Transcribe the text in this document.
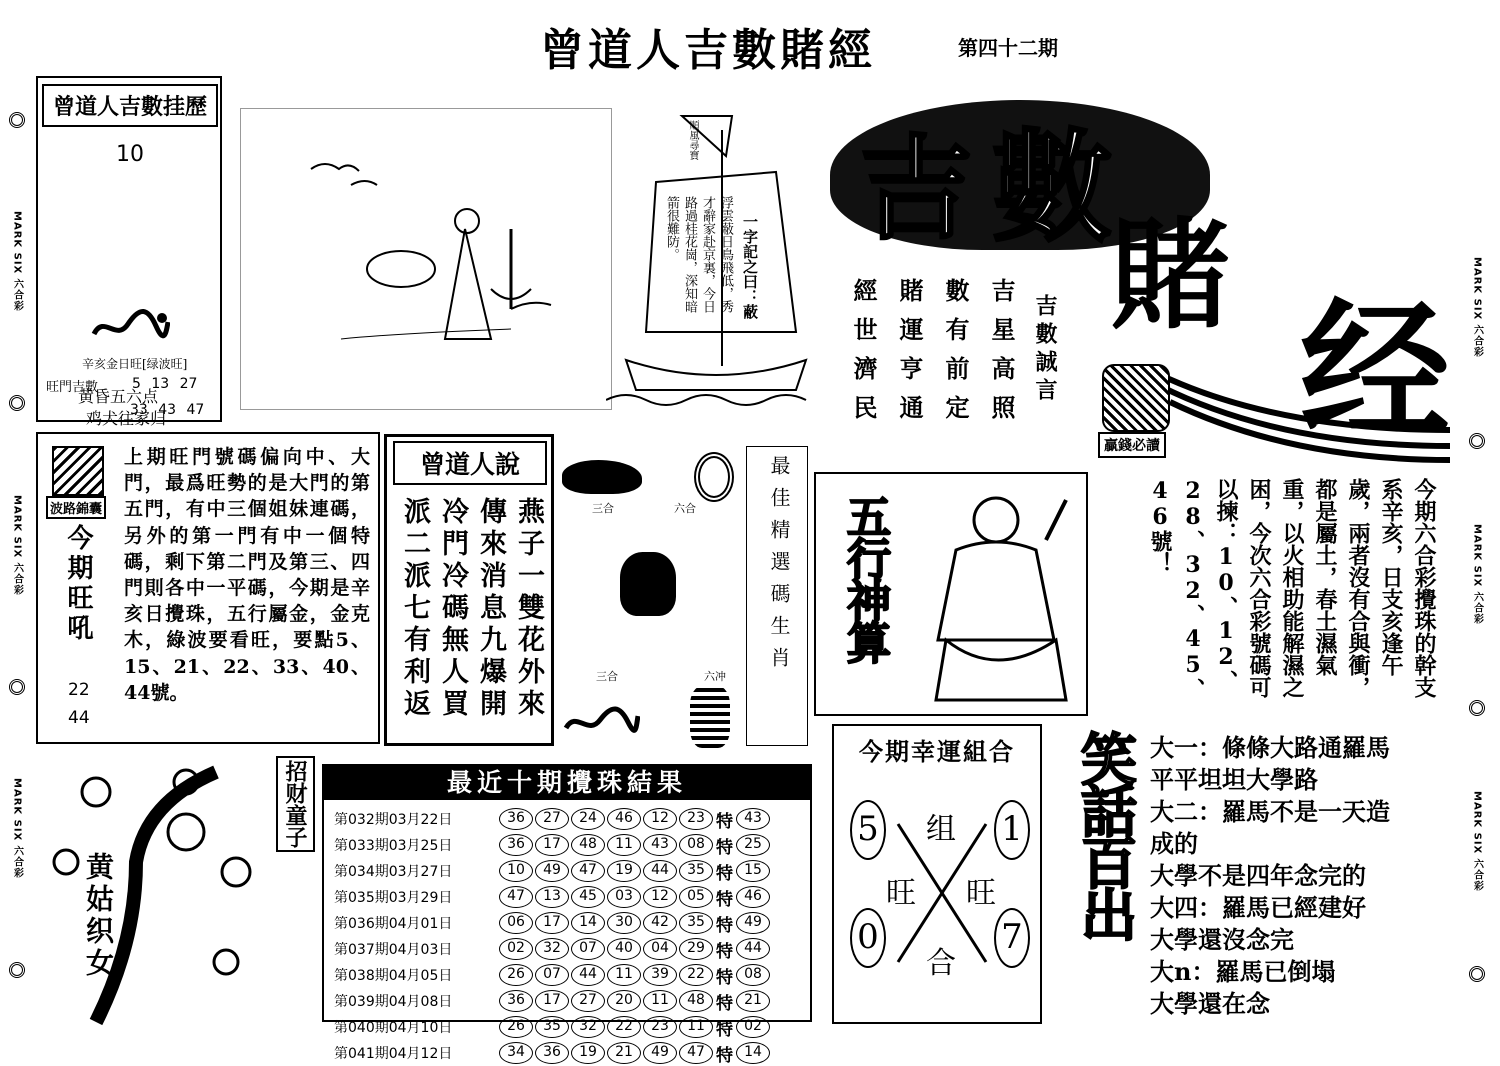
曾道人吉數賭經	第四十二期
MARK SIX 六合彩
MARK SIX 六合彩
MARK SIX 六合彩
MARK SIX 六合彩
MARK SIX 六合彩
MARK SIX 六合彩
曾道人吉數挂歷
10
黄昏五六点
鸡犬往家归
辛亥金日旺[绿波旺]
旺門吉數 5 13 27
33 43 47
順風尋寶
一字記之曰：蔽
浮雲蔽日鳥飛低，秀才辭家赴京裏，今日路過桂花崗，深知暗箭很難防。	吉 數
賭
经
贏錢必讀
吉數誠言
吉星高照
數有前定
賭運亨通
經世濟民
波路錦囊
今期旺吼
22
44
上期旺門號碼偏向中、大門，最爲旺勢的是大門的第五門，有中三個姐妹連碼，另外的第一門有中一個特碼，剩下第二門及第三、四門則各中一平碼，今期是辛亥日攪珠，五行屬金，金克木，綠波要看旺，要點5、15、21、22、33、40、44號。
曾道人說
燕子一雙花外來
傳來消息九爆開
冷門冷碼無人買
派二派七有利返	三合	六合
三合	六冲 最佳精選碼生肖 五行神算	今期六合彩攪珠的幹支系辛亥，日支亥逢午歲，兩者沒有合與衝，都是屬土，春土濕氣重，以火相助能解濕之困，今次六合彩號碼可以揀：10、12、28、32、45、46號！
黄姑织女
招财童子	最近十期攪珠結果
第032期03月22日	36	27	24	46	12	23 特 43
第033期03月25日	36	17	48	11	43	08 特 25
第034期03月27日	10	49	47	19	44	35 特 15
第035期03月29日	47	13	45	03	12	05 特 46
第036期04月01日	06	17	14	30	42	35 特 49
第037期04月03日	02	32	07	40	04	29 特 44
第038期04月05日	26	07	44	11	39	22 特 08
第039期04月08日	36	17	27	20	11	48 特 21
第040期04月10日	26	35	32	22	23	11 特 02
第041期04月12日	34	36	19	21	49	47 特 14
今期幸運組合
5	1
0	7
组
旺 旺
合
笑話百出 大一：條條大路通羅馬
平平坦坦大學路
大二：羅馬不是一天造
成的
大學不是四年念完的
大四：羅馬已經建好
大學還沒念完
大n：羅馬已倒塌
大學還在念
